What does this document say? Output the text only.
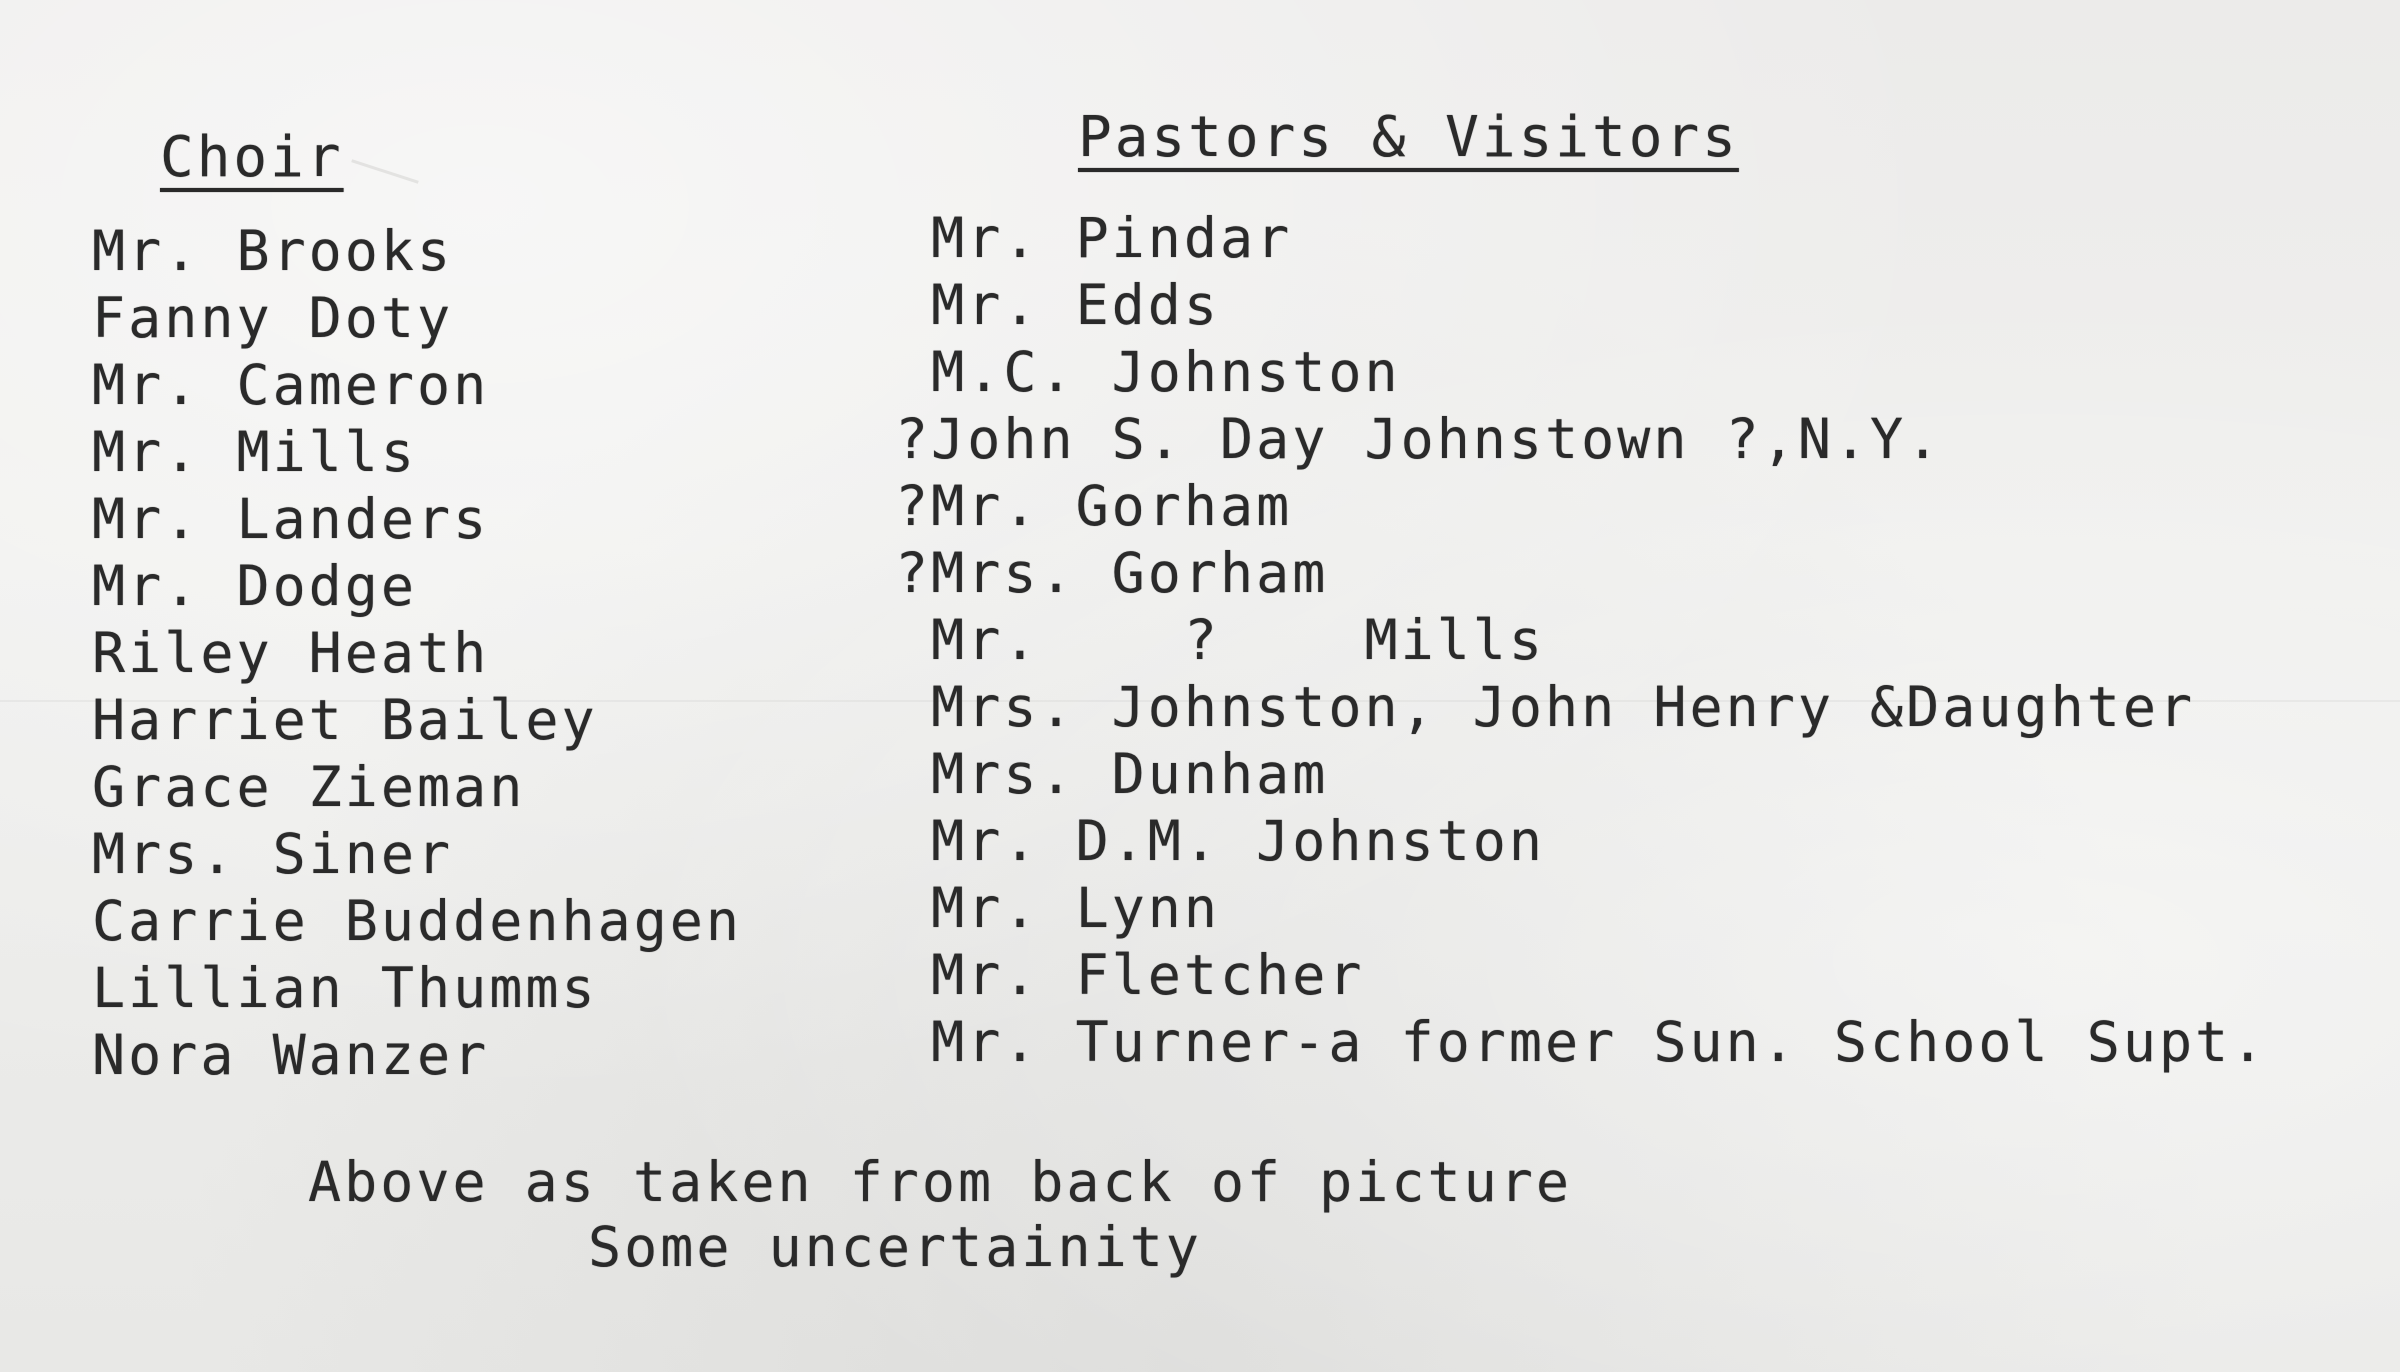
Choir	Pastors & Visitors
Mr. Brooks
Fanny Doty
Mr. Cameron
Mr. Mills
Mr. Landers
Mr. Dodge
Riley Heath
Harriet Bailey
Grace Zieman
Mrs. Siner
Carrie Buddenhagen
Lillian Thumms
Nora Wanzer
Mr. Pindar
Mr. Edds
M.C. Johnston
?John S. Day Johnstown ?,N.Y.
?Mr. Gorham
?Mrs. Gorham
Mr.    ?    Mills
Mrs. Johnston, John Henry &Daughter
Mrs. Dunham
Mr. D.M. Johnston
Mr. Lynn
Mr. Fletcher
Mr. Turner-a former Sun. School Supt.
Above as taken from back of picture
Some uncertainity
